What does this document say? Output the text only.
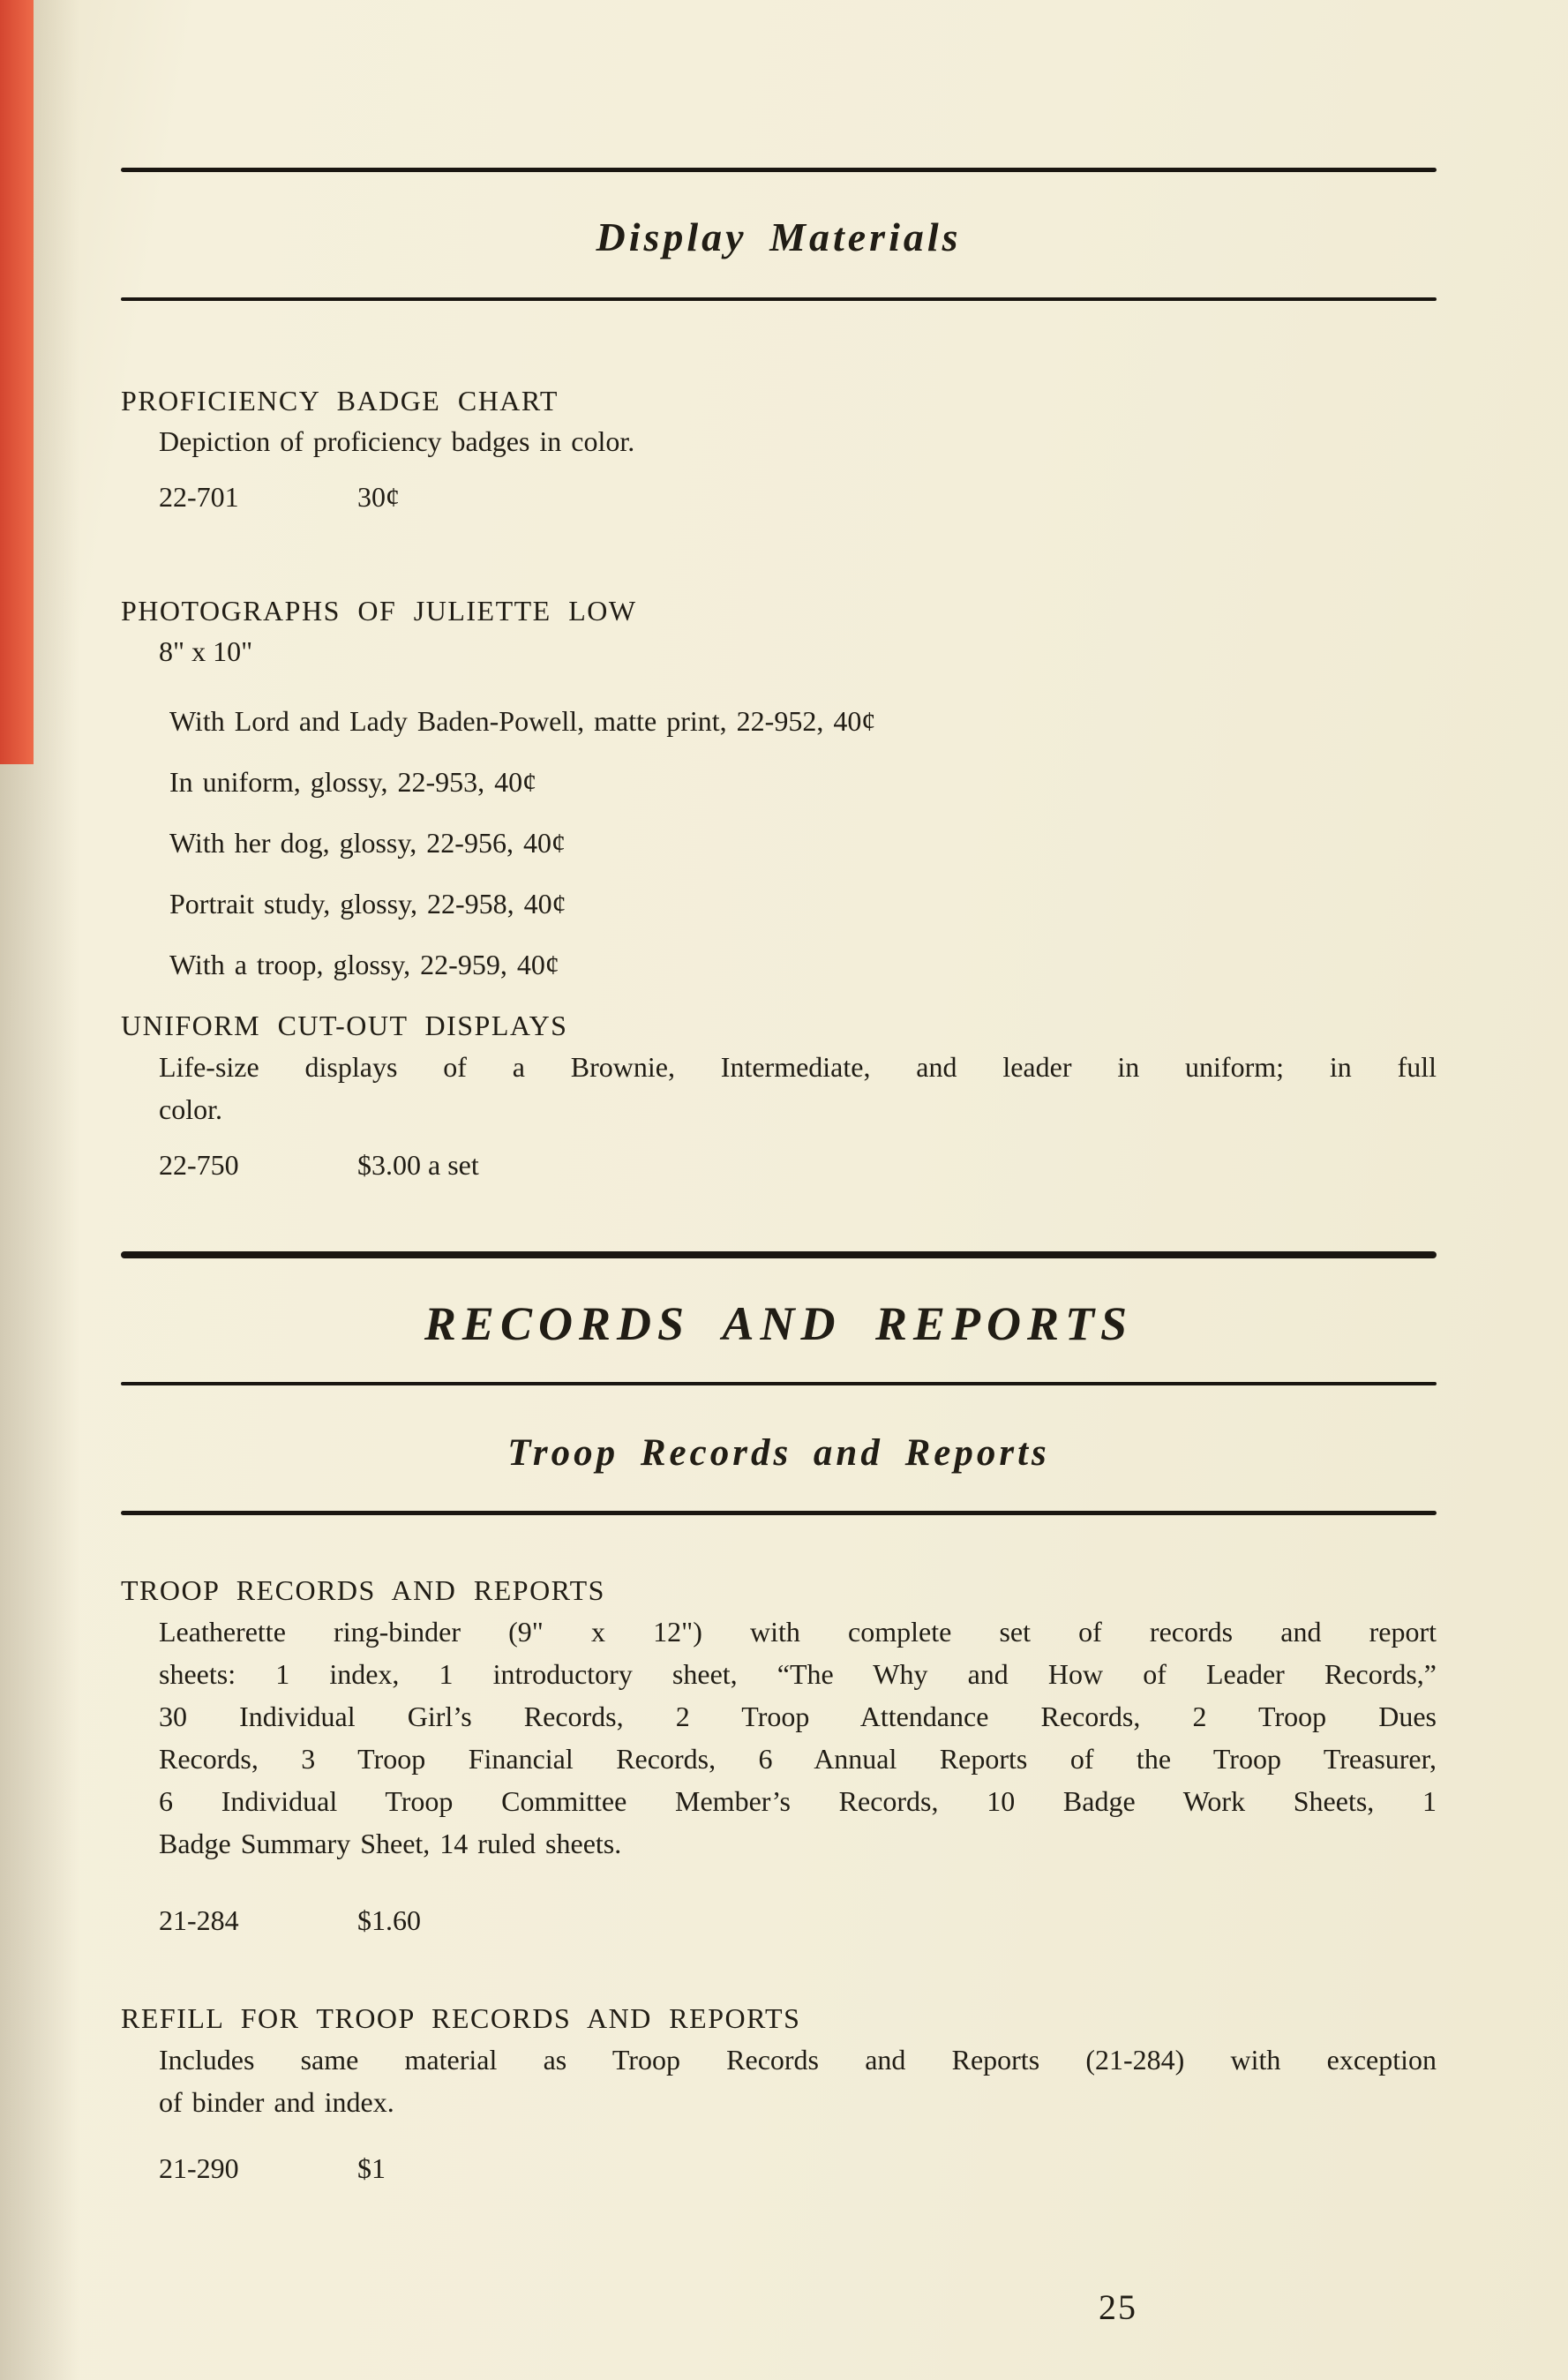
Display Materials
PROFICIENCY BADGE CHART
Depiction of proficiency badges in color.
22-701	30¢
PHOTOGRAPHS OF JULIETTE LOW
8" x 10"
With Lord and Lady Baden-Powell, matte print, 22-952, 40¢
In uniform, glossy, 22-953, 40¢
With her dog, glossy, 22-956, 40¢
Portrait study, glossy, 22-958, 40¢
With a troop, glossy, 22-959, 40¢
UNIFORM CUT-OUT DISPLAYS
Life-size displays of a Brownie, Intermediate, and leader in uniform; in full
color.
22-750	$3.00 a set
RECORDS AND REPORTS
Troop Records and Reports
TROOP RECORDS AND REPORTS
Leatherette ring-binder (9" x 12") with complete set of records and report
sheets: 1 index, 1 introductory sheet, “The Why and How of Leader Records,”
30 Individual Girl’s Records, 2 Troop Attendance Records, 2 Troop Dues
Records, 3 Troop Financial Records, 6 Annual Reports of the Troop Treasurer,
6 Individual Troop Committee Member’s Records, 10 Badge Work Sheets, 1
Badge Summary Sheet, 14 ruled sheets.
21-284	$1.60
REFILL FOR TROOP RECORDS AND REPORTS
Includes same material as Troop Records and Reports (21-284) with exception
of binder and index.
21-290	$1
25
